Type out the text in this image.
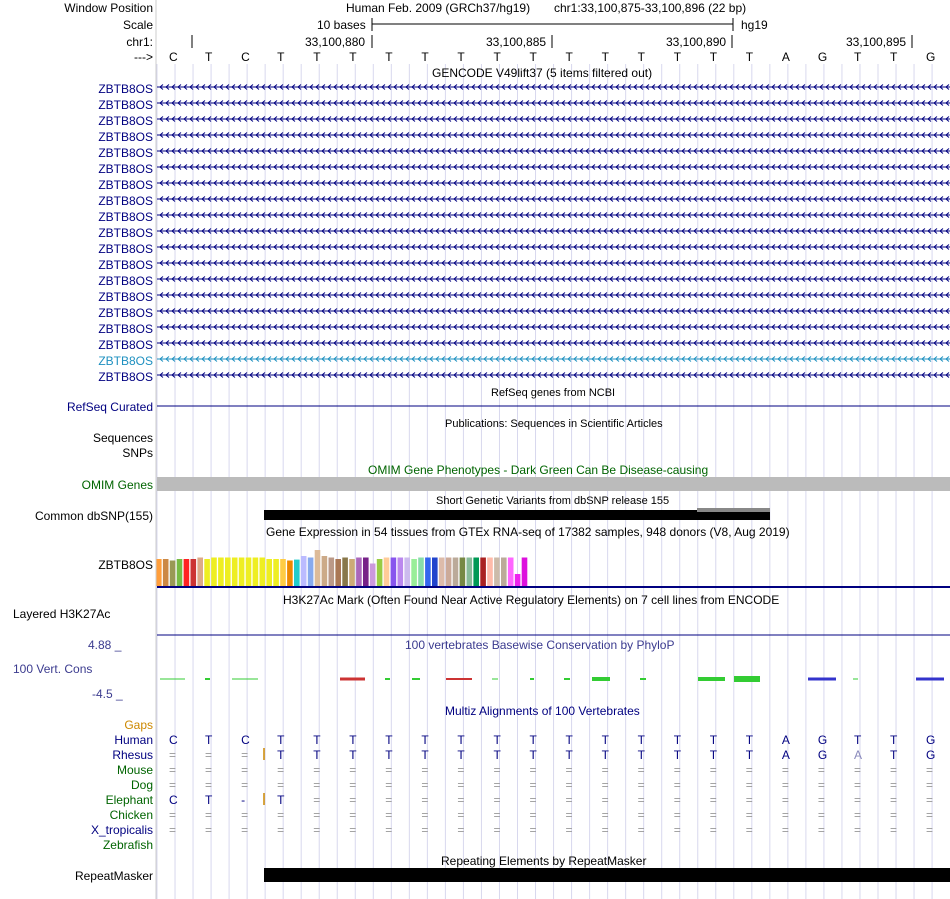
Window Position	Human Feb. 2009 (GRCh37/hg19) chr1:33,100,875-33,100,896 (22 bp)
Scale	10 bases	hg19
chr1:	33,100,880	33,100,885	33,100,890	33,100,895
---> C T C T T T T T T T T T T T T T T A G T T G
GENCODE V49lift37 (5 items filtered out)
ZBTB8OS
ZBTB8OS
ZBTB8OS
ZBTB8OS
ZBTB8OS
ZBTB8OS
ZBTB8OS
ZBTB8OS
ZBTB8OS
ZBTB8OS
ZBTB8OS
ZBTB8OS
ZBTB8OS
ZBTB8OS
ZBTB8OS
ZBTB8OS
ZBTB8OS
ZBTB8OS
ZBTB8OS
RefSeq genes from NCBI
RefSeq Curated
Publications: Sequences in Scientific Articles
Sequences
SNPs
OMIM Gene Phenotypes - Dark Green Can Be Disease-causing
OMIM Genes
Short Genetic Variants from dbSNP release 155
Common dbSNP(155)
Gene Expression in 54 tissues from GTEx RNA-seq of 17382 samples, 948 donors (V8, Aug 2019)
ZBTB8OS
H3K27Ac Mark (Often Found Near Active Regulatory Elements) on 7 cell lines from ENCODE
Layered H3K27Ac
100 vertebrates Basewise Conservation by PhyloP
4.88 _
100 Vert. Cons
-4.5 _
Multiz Alignments of 100 Vertebrates
Gaps
Human C T C T T T T T T T T T T T T T T A G T T G
Rhesus = = = T T T T T T T T T T T T T T A G A T G
Mouse = = = = = = = = = = = = = = = = = = = = = =
Dog = = = = = = = = = = = = = = = = = = = = = =
Elephant C T -	T = = = = = = = = = = = = = = = = = =
Chicken = = = = = = = = = = = = = = = = = = = = = =
X_tropicalis = = = = = = = = = = = = = = = = = = = = = =
Zebrafish
Repeating Elements by RepeatMasker
RepeatMasker
